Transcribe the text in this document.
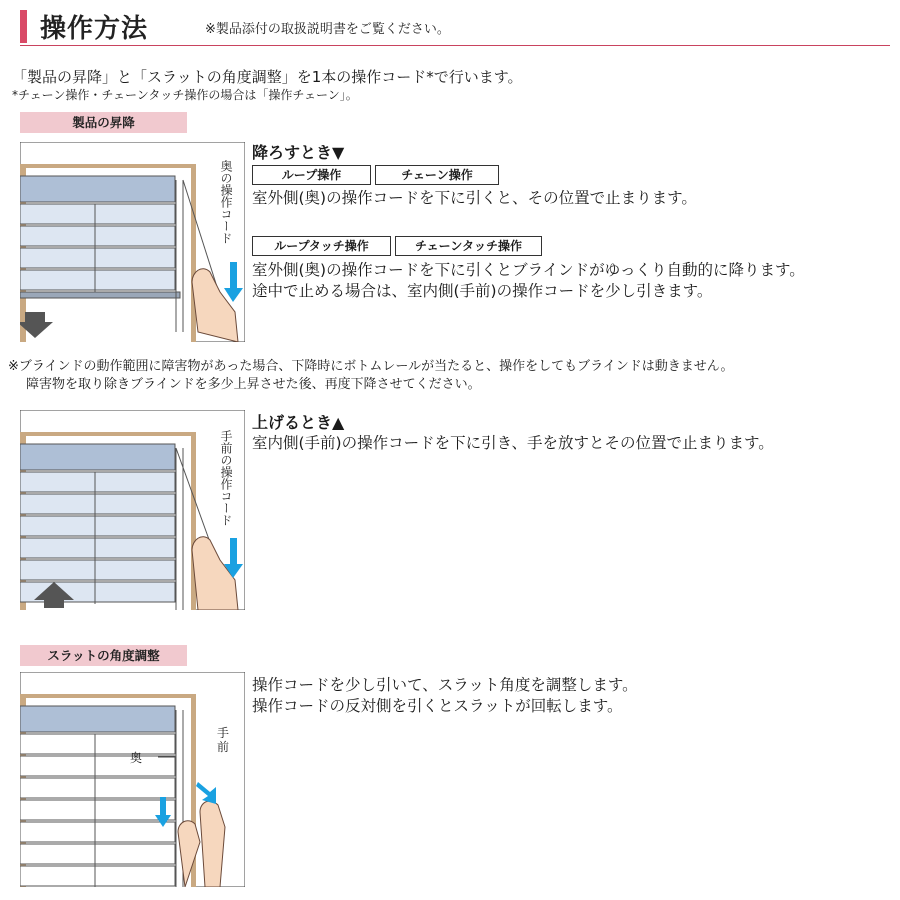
操作方法	※製品添付の取扱説明書をご覧ください。
「製品の昇降」と「スラットの角度調整」を1本の操作コード*で行います。
*チェーン操作・チェーンタッチ操作の場合は「操作チェーン」。
製品の昇降
奥の操作コード
降ろすとき▼
ループ操作	チェーン操作
室外側(奥)の操作コードを下に引くと、その位置で止まります。
ループタッチ操作	チェーンタッチ操作
室外側(奥)の操作コードを下に引くとブラインドがゆっくり自動的に降ります。
途中で止める場合は、室内側(手前)の操作コードを少し引きます。
※ブラインドの動作範囲に障害物があった場合、下降時にボトムレールが当たると、操作をしてもブラインドは動きません。
障害物を取り除きブラインドを多少上昇させた後、再度下降させてください。
手前の操作コード
上げるとき▲
室内側(手前)の操作コードを下に引き、手を放すとその位置で止まります。
スラットの角度調整
奥
手
前
操作コードを少し引いて、スラット角度を調整します。
操作コードの反対側を引くとスラットが回転します。
